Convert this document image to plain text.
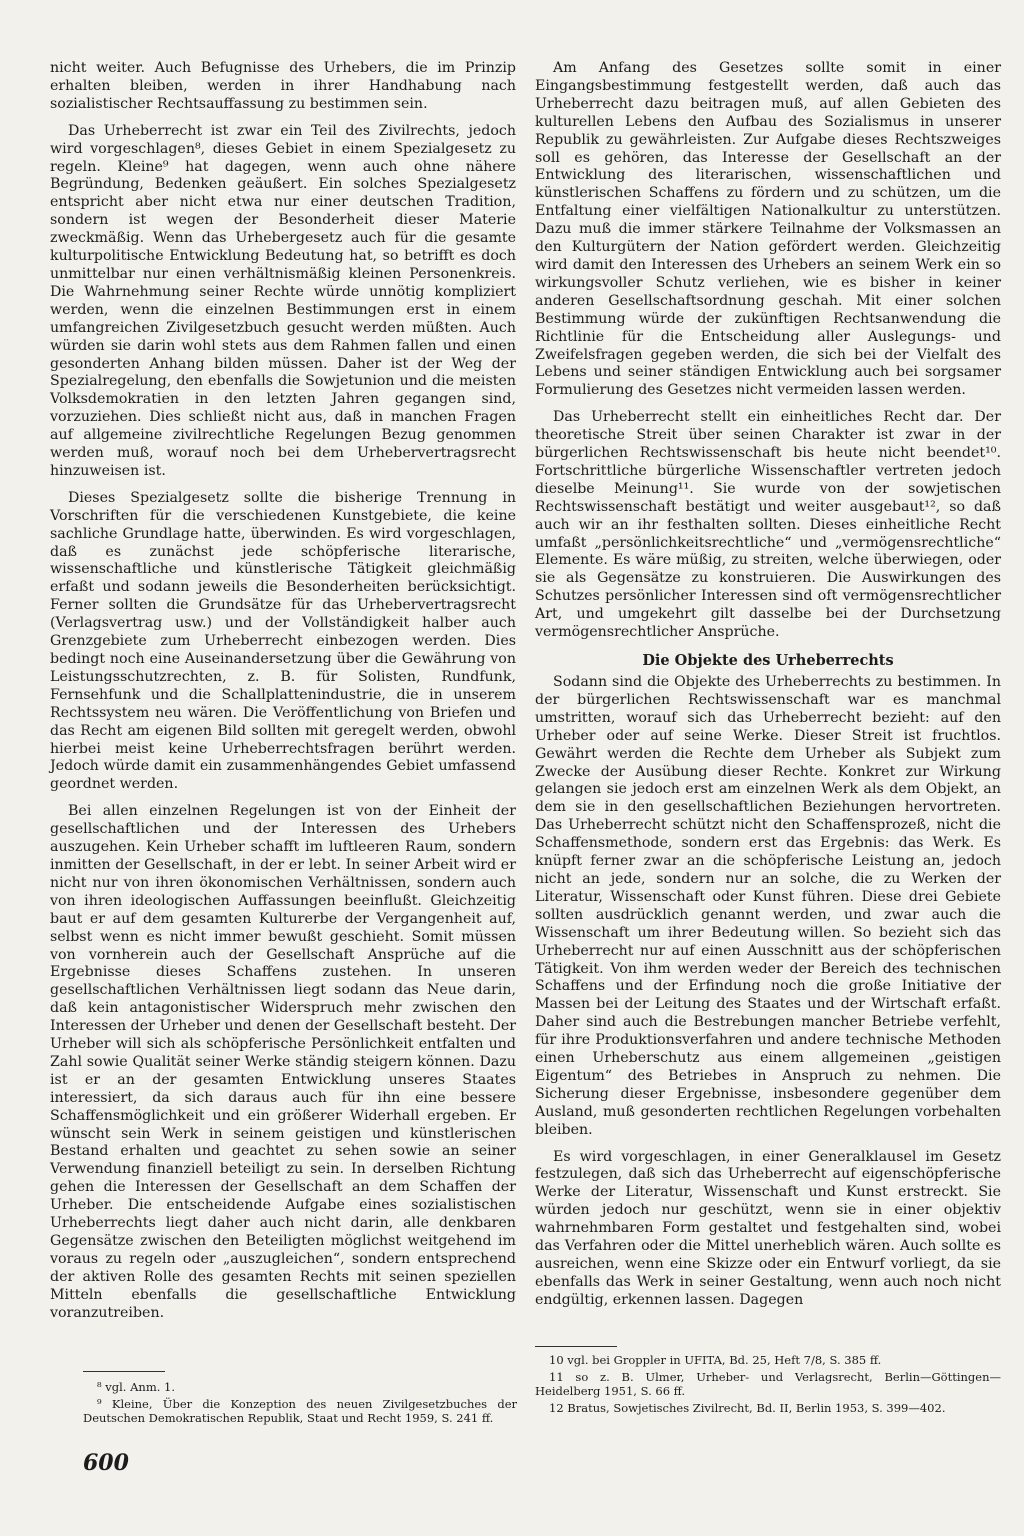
nicht weiter. Auch Befugnisse des Urhebers, die im Prinzip erhalten bleiben, werden in ihrer Handhabung nach sozialistischer Rechtsauffassung zu bestimmen sein.

Das Urheberrecht ist zwar ein Teil des Zivilrechts, jedoch wird vorgeschlagen⁸, dieses Gebiet in einem Spezialgesetz zu regeln. Kleine⁹ hat dagegen, wenn auch ohne nähere Begründung, Bedenken geäußert. Ein solches Spezialgesetz entspricht aber nicht etwa nur einer deutschen Tradition, sondern ist wegen der Besonderheit dieser Materie zweckmäßig. Wenn das Urhebergesetz auch für die gesamte kulturpolitische Entwicklung Bedeutung hat, so betrifft es doch unmittelbar nur einen verhältnismäßig kleinen Personenkreis. Die Wahrnehmung seiner Rechte würde unnötig kompliziert werden, wenn die einzelnen Bestimmungen erst in einem umfangreichen Zivilgesetzbuch gesucht werden müßten. Auch würden sie darin wohl stets aus dem Rahmen fallen und einen gesonderten Anhang bilden müssen. Daher ist der Weg der Spezialregelung, den ebenfalls die Sowjetunion und die meisten Volksdemokratien in den letzten Jahren gegangen sind, vorzuziehen. Dies schließt nicht aus, daß in manchen Fragen auf allgemeine zivilrechtliche Regelungen Bezug genommen werden muß, worauf noch bei dem Urhebervertragsrecht hinzuweisen ist.

Dieses Spezialgesetz sollte die bisherige Trennung in Vorschriften für die verschiedenen Kunstgebiete, die keine sachliche Grundlage hatte, überwinden. Es wird vorgeschlagen, daß es zunächst jede schöpferische literarische, wissenschaftliche und künstlerische Tätigkeit gleichmäßig erfaßt und sodann jeweils die Besonderheiten berücksichtigt. Ferner sollten die Grundsätze für das Urhebervertragsrecht (Verlagsvertrag usw.) und der Vollständigkeit halber auch Grenzgebiete zum Urheberrecht einbezogen werden. Dies bedingt noch eine Auseinandersetzung über die Gewährung von Leistungsschutzrechten, z. B. für Solisten, Rundfunk, Fernsehfunk und die Schallplattenindustrie, die in unserem Rechtssystem neu wären. Die Veröffentlichung von Briefen und das Recht am eigenen Bild sollten mit geregelt werden, obwohl hierbei meist keine Urheberrechtsfragen berührt werden. Jedoch würde damit ein zusammenhängendes Gebiet umfassend geordnet werden.

Bei allen einzelnen Regelungen ist von der Einheit der gesellschaftlichen und der Interessen des Urhebers auszugehen. Kein Urheber schafft im luftleeren Raum, sondern inmitten der Gesellschaft, in der er lebt. In seiner Arbeit wird er nicht nur von ihren ökonomischen Verhältnissen, sondern auch von ihren ideologischen Auffassungen beeinflußt. Gleichzeitig baut er auf dem gesamten Kulturerbe der Vergangenheit auf, selbst wenn es nicht immer bewußt geschieht. Somit müssen von vornherein auch der Gesellschaft Ansprüche auf die Ergebnisse dieses Schaffens zustehen. In unseren gesellschaftlichen Verhältnissen liegt sodann das Neue darin, daß kein antagonistischer Widerspruch mehr zwischen den Interessen der Urheber und denen der Gesellschaft besteht. Der Urheber will sich als schöpferische Persönlichkeit entfalten und Zahl sowie Qualität seiner Werke ständig steigern können. Dazu ist er an der gesamten Entwicklung unseres Staates interessiert, da sich daraus auch für ihn eine bessere Schaffensmöglichkeit und ein größerer Widerhall ergeben. Er wünscht sein Werk in seinem geistigen und künstlerischen Bestand erhalten und geachtet zu sehen sowie an seiner Verwendung finanziell beteiligt zu sein. In derselben Richtung gehen die Interessen der Gesellschaft an dem Schaffen der Urheber. Die entscheidende Aufgabe eines sozialistischen Urheberrechts liegt daher auch nicht darin, alle denkbaren Gegensätze zwischen den Beteiligten möglichst weitgehend im voraus zu regeln oder „auszugleichen“, sondern entsprechend der aktiven Rolle des gesamten Rechts mit seinen speziellen Mitteln ebenfalls die gesellschaftliche Entwicklung voranzutreiben.

Am Anfang des Gesetzes sollte somit in einer Eingangsbestimmung festgestellt werden, daß auch das Urheberrecht dazu beitragen muß, auf allen Gebieten des kulturellen Lebens den Aufbau des Sozialismus in unserer Republik zu gewährleisten. Zur Aufgabe dieses Rechtszweiges soll es gehören, das Interesse der Gesellschaft an der Entwicklung des literarischen, wissenschaftlichen und künstlerischen Schaffens zu fördern und zu schützen, um die Entfaltung einer vielfältigen Nationalkultur zu unterstützen. Dazu muß die immer stärkere Teilnahme der Volksmassen an den Kulturgütern der Nation gefördert werden. Gleichzeitig wird damit den Interessen des Urhebers an seinem Werk ein so wirkungsvoller Schutz verliehen, wie es bisher in keiner anderen Gesellschaftsordnung geschah. Mit einer solchen Bestimmung würde der zukünftigen Rechtsanwendung die Richtlinie für die Entscheidung aller Auslegungs- und Zweifelsfragen gegeben werden, die sich bei der Vielfalt des Lebens und seiner ständigen Entwicklung auch bei sorgsamer Formulierung des Gesetzes nicht vermeiden lassen werden.

Das Urheberrecht stellt ein einheitliches Recht dar. Der theoretische Streit über seinen Charakter ist zwar in der bürgerlichen Rechtswissenschaft bis heute nicht beendet¹⁰. Fortschrittliche bürgerliche Wissenschaftler vertreten jedoch dieselbe Meinung¹¹. Sie wurde von der sowjetischen Rechtswissenschaft bestätigt und weiter ausgebaut¹², so daß auch wir an ihr festhalten sollten. Dieses einheitliche Recht umfaßt „persönlichkeitsrechtliche“ und „vermögensrechtliche“ Elemente. Es wäre müßig, zu streiten, welche überwiegen, oder sie als Gegensätze zu konstruieren. Die Auswirkungen des Schutzes persönlicher Interessen sind oft vermögensrechtlicher Art, und umgekehrt gilt dasselbe bei der Durchsetzung vermögensrechtlicher Ansprüche.

Die Objekte des Urheberrechts

Sodann sind die Objekte des Urheberrechts zu bestimmen. In der bürgerlichen Rechtswissenschaft war es manchmal umstritten, worauf sich das Urheberrecht bezieht: auf den Urheber oder auf seine Werke. Dieser Streit ist fruchtlos. Gewährt werden die Rechte dem Urheber als Subjekt zum Zwecke der Ausübung dieser Rechte. Konkret zur Wirkung gelangen sie jedoch erst am einzelnen Werk als dem Objekt, an dem sie in den gesellschaftlichen Beziehungen hervortreten. Das Urheberrecht schützt nicht den Schaffensprozeß, nicht die Schaffensmethode, sondern erst das Ergebnis: das Werk. Es knüpft ferner zwar an die schöpferische Leistung an, jedoch nicht an jede, sondern nur an solche, die zu Werken der Literatur, Wissenschaft oder Kunst führen. Diese drei Gebiete sollten ausdrücklich genannt werden, und zwar auch die Wissenschaft um ihrer Bedeutung willen. So bezieht sich das Urheberrecht nur auf einen Ausschnitt aus der schöpferischen Tätigkeit. Von ihm werden weder der Bereich des technischen Schaffens und der Erfindung noch die große Initiative der Massen bei der Leitung des Staates und der Wirtschaft erfaßt. Daher sind auch die Bestrebungen mancher Betriebe verfehlt, für ihre Produktionsverfahren und andere technische Methoden einen Urheberschutz aus einem allgemeinen „geistigen Eigentum“ des Betriebes in Anspruch zu nehmen. Die Sicherung dieser Ergebnisse, insbesondere gegenüber dem Ausland, muß gesonderten rechtlichen Regelungen vorbehalten bleiben.

Es wird vorgeschlagen, in einer Generalklausel im Gesetz festzulegen, daß sich das Urheberrecht auf eigenschöpferische Werke der Literatur, Wissenschaft und Kunst erstreckt. Sie würden jedoch nur geschützt, wenn sie in einer objektiv wahrnehmbaren Form gestaltet und festgehalten sind, wobei das Verfahren oder die Mittel unerheblich wären. Auch sollte es ausreichen, wenn eine Skizze oder ein Entwurf vorliegt, da sie ebenfalls das Werk in seiner Gestaltung, wenn auch noch nicht endgültig, erkennen lassen. Dagegen

⁸ vgl. Anm. 1.

⁹ Kleine, Über die Konzeption des neuen Zivilgesetzbuches der Deutschen Demokratischen Republik, Staat und Recht 1959, S. 241 ff.

10 vgl. bei Groppler in UFITA, Bd. 25, Heft 7/8, S. 385 ff.

11 so z. B. Ulmer, Urheber- und Verlagsrecht, Berlin—Göttingen—Heidelberg 1951, S. 66 ff.

12 Bratus, Sowjetisches Zivilrecht, Bd. II, Berlin 1953, S. 399—402.

600
